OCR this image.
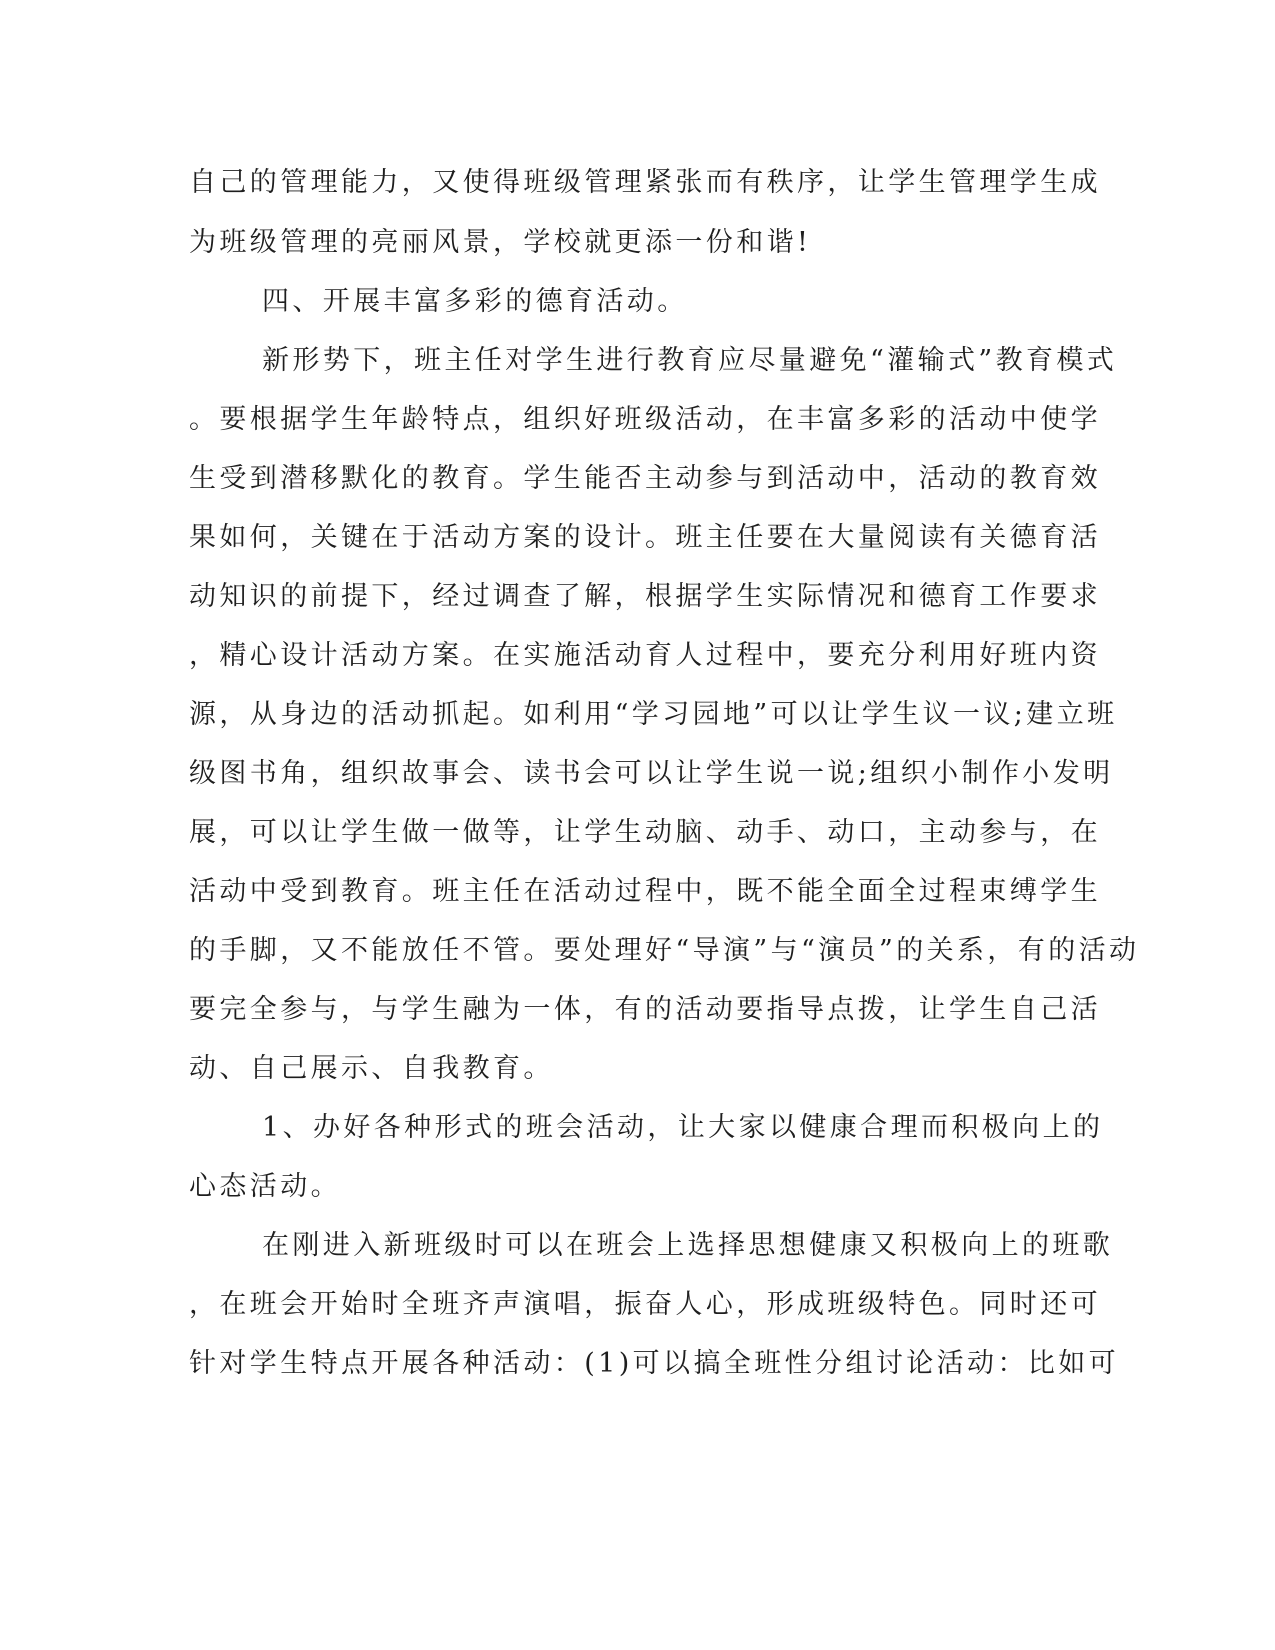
自己的管理能力，又使得班级管理紧张而有秩序，让学生管理学生成
为班级管理的亮丽风景，学校就更添一份和谐!
四、开展丰富多彩的德育活动。
新形势下，班主任对学生进行教育应尽量避免“灌输式”教育模式
。要根据学生年龄特点，组织好班级活动，在丰富多彩的活动中使学
生受到潜移默化的教育。学生能否主动参与到活动中，活动的教育效
果如何，关键在于活动方案的设计。班主任要在大量阅读有关德育活
动知识的前提下，经过调查了解，根据学生实际情况和德育工作要求
，精心设计活动方案。在实施活动育人过程中，要充分利用好班内资
源，从身边的活动抓起。如利用“学习园地”可以让学生议一议;建立班
级图书角，组织故事会、读书会可以让学生说一说;组织小制作小发明
展，可以让学生做一做等，让学生动脑、动手、动口，主动参与，在
活动中受到教育。班主任在活动过程中，既不能全面全过程束缚学生
的手脚，又不能放任不管。要处理好“导演”与“演员”的关系，有的活动
要完全参与，与学生融为一体，有的活动要指导点拨，让学生自己活
动、自己展示、自我教育。
1、办好各种形式的班会活动，让大家以健康合理而积极向上的
心态活动。
在刚进入新班级时可以在班会上选择思想健康又积极向上的班歌
，在班会开始时全班齐声演唱，振奋人心，形成班级特色。同时还可
针对学生特点开展各种活动：(1)可以搞全班性分组讨论活动：比如可
